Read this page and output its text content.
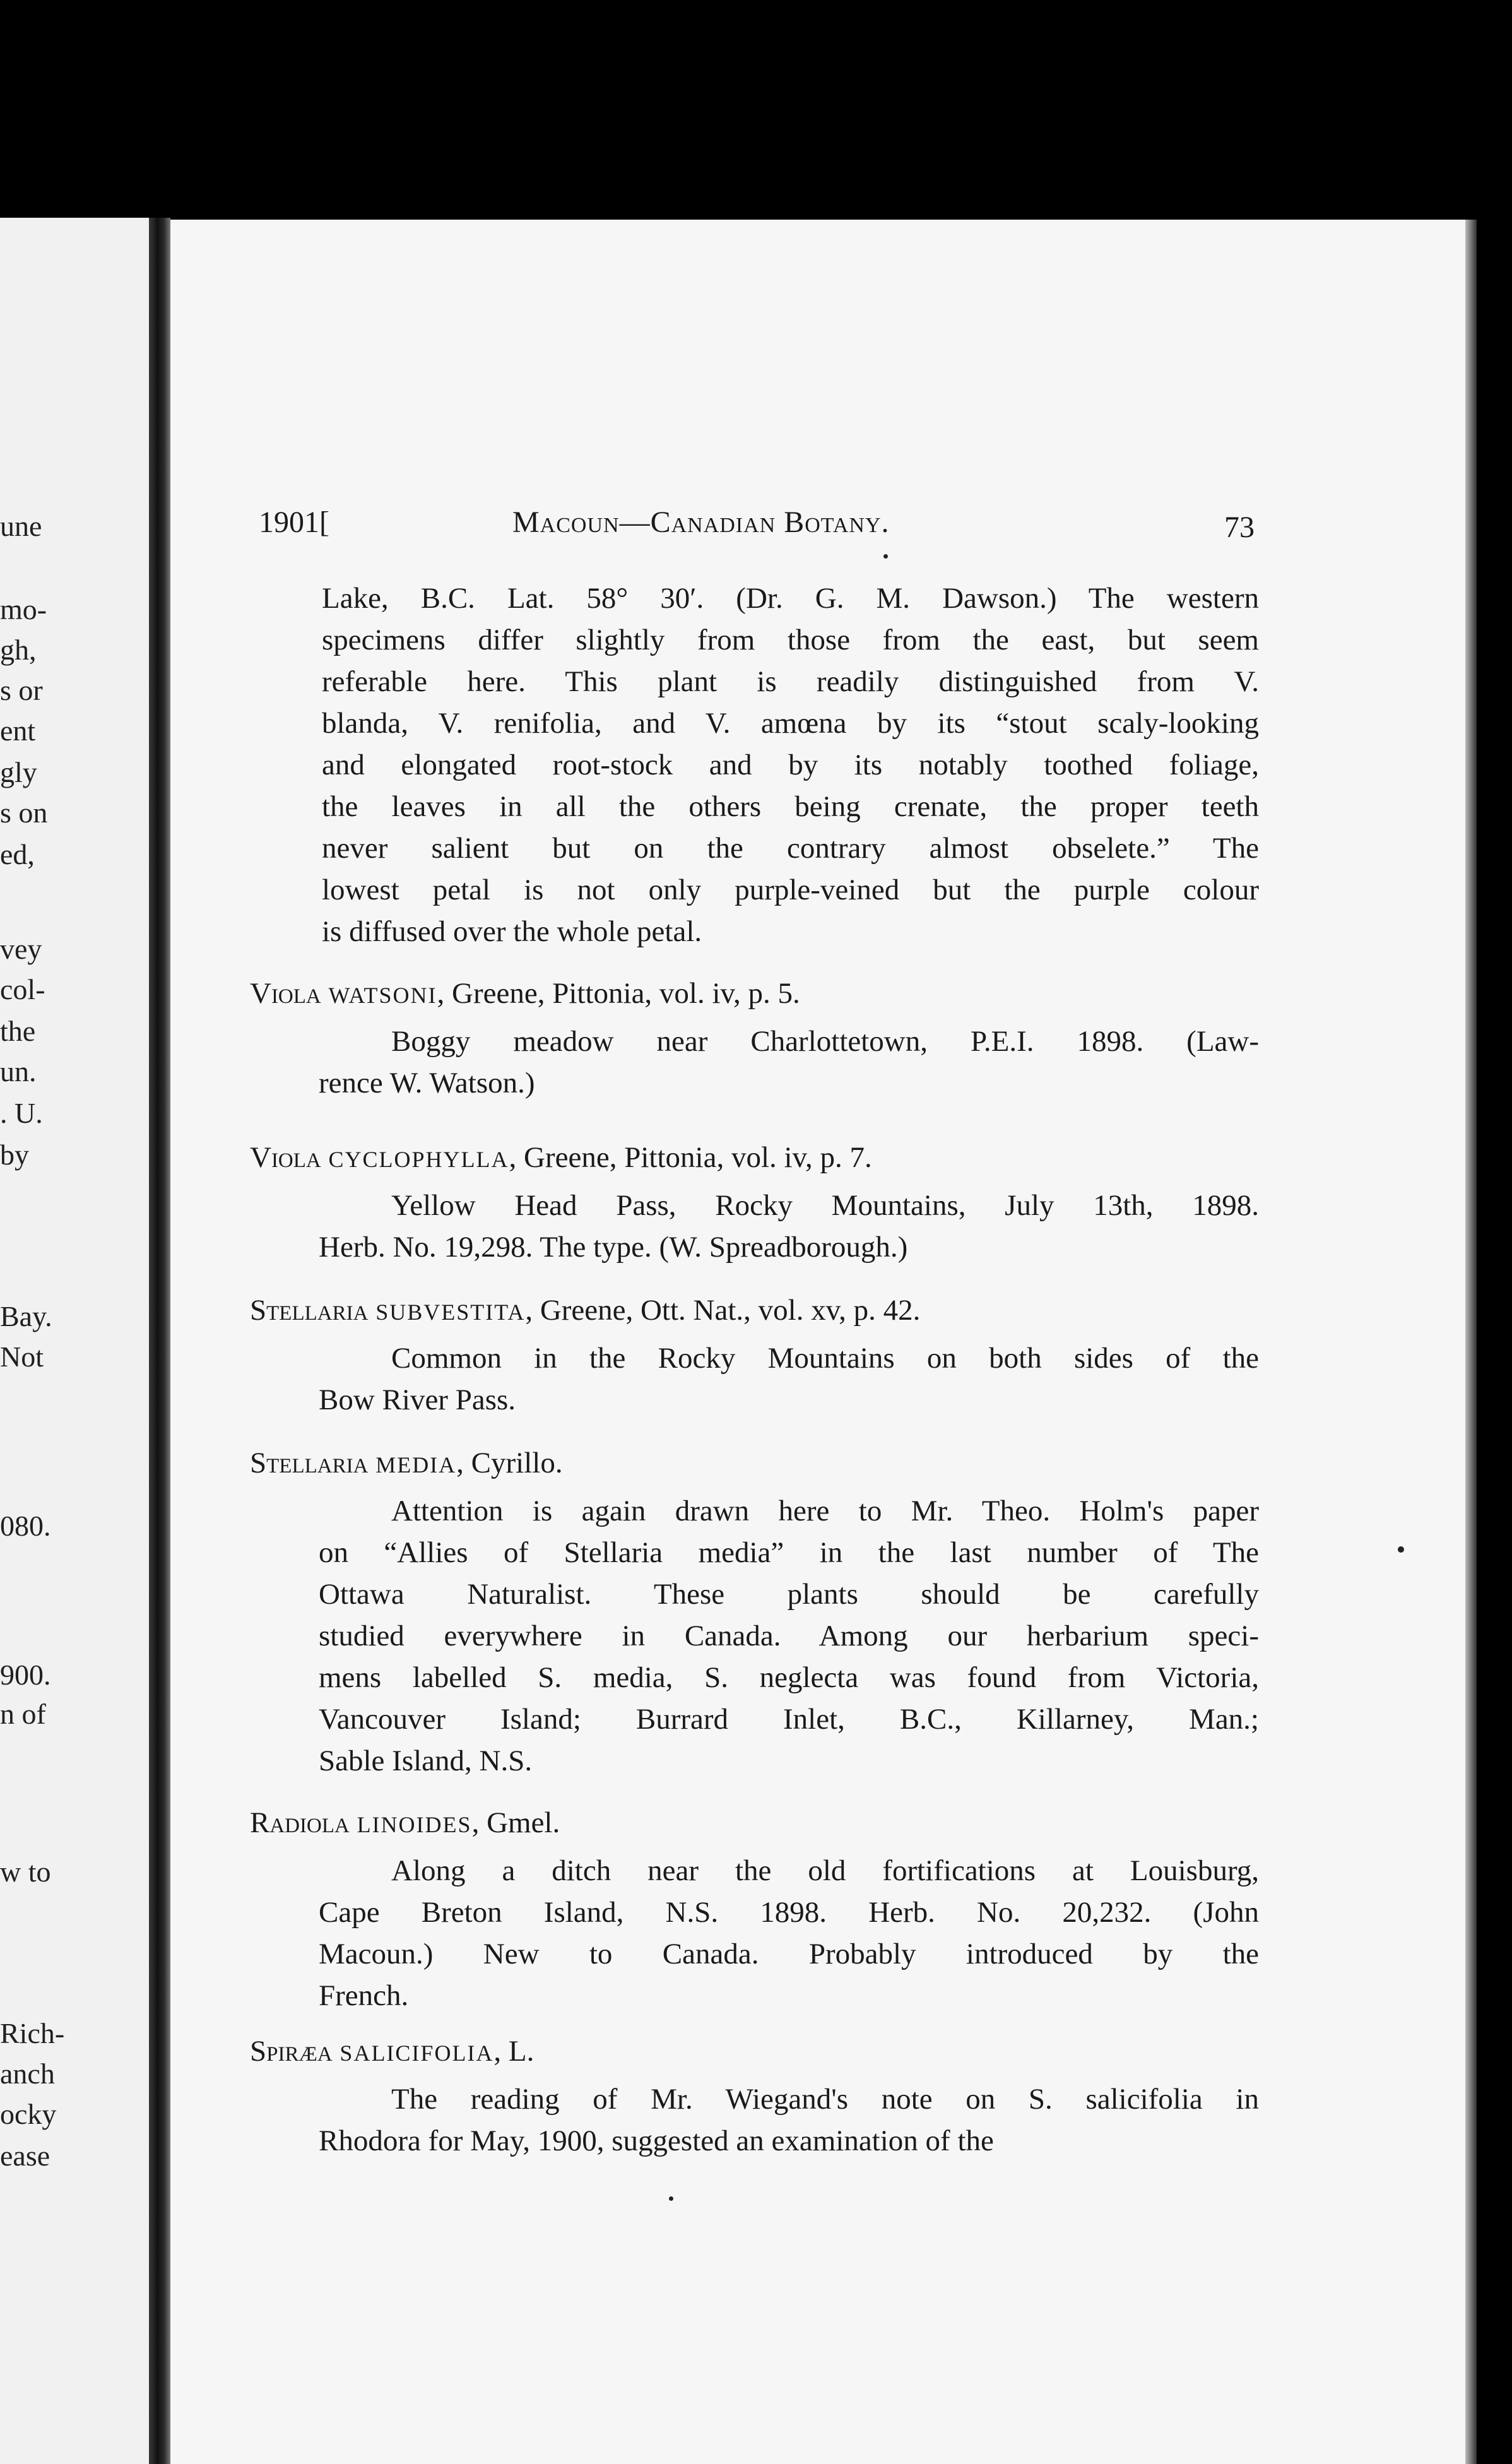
une
mo-
gh,
s or
ent
gly
s on
ed,
vey
col-
the
un.
. U.
by
Bay.
Not
080.
900.
n of
w to
Rich-
anch
ocky
ease
1901[	Macoun—Canadian Botany.	73
Lake, B.C. Lat. 58° 30′. (Dr. G. M. Dawson.) The western
specimens differ slightly from those from the east, but seem
referable here. This plant is readily distinguished from V.
blanda, V. renifolia, and V. amœna by its “stout scaly-looking
and elongated root-stock and by its notably toothed foliage,
the leaves in all the others being crenate, the proper teeth
never salient but on the contrary almost obselete.” The
lowest petal is not only purple-veined but the purple colour
is diffused over the whole petal.
Viola WATSONI, Greene, Pittonia, vol. iv, p. 5.
Boggy meadow near Charlottetown, P.E.I. 1898. (Law-
rence W. Watson.)
Viola CYCLOPHYLLA, Greene, Pittonia, vol. iv, p. 7.
Yellow Head Pass, Rocky Mountains, July 13th, 1898.
Herb. No. 19,298. The type. (W. Spreadborough.)
Stellaria SUBVESTITA, Greene, Ott. Nat., vol. xv, p. 42.
Common in the Rocky Mountains on both sides of the
Bow River Pass.
Stellaria MEDIA, Cyrillo.
Attention is again drawn here to Mr. Theo. Holm's paper
on “Allies of Stellaria media” in the last number of The
Ottawa Naturalist. These plants should be carefully
studied everywhere in Canada. Among our herbarium speci-
mens labelled S. media, S. neglecta was found from Victoria,
Vancouver Island; Burrard Inlet, B.C., Killarney, Man.;
Sable Island, N.S.
Radiola LINOIDES, Gmel.
Along a ditch near the old fortifications at Louisburg,
Cape Breton Island, N.S. 1898. Herb. No. 20,232. (John
Macoun.) New to Canada. Probably introduced by the
French.
Spiræa SALICIFOLIA, L.
The reading of Mr. Wiegand's note on S. salicifolia in
Rhodora for May, 1900, suggested an examination of the
